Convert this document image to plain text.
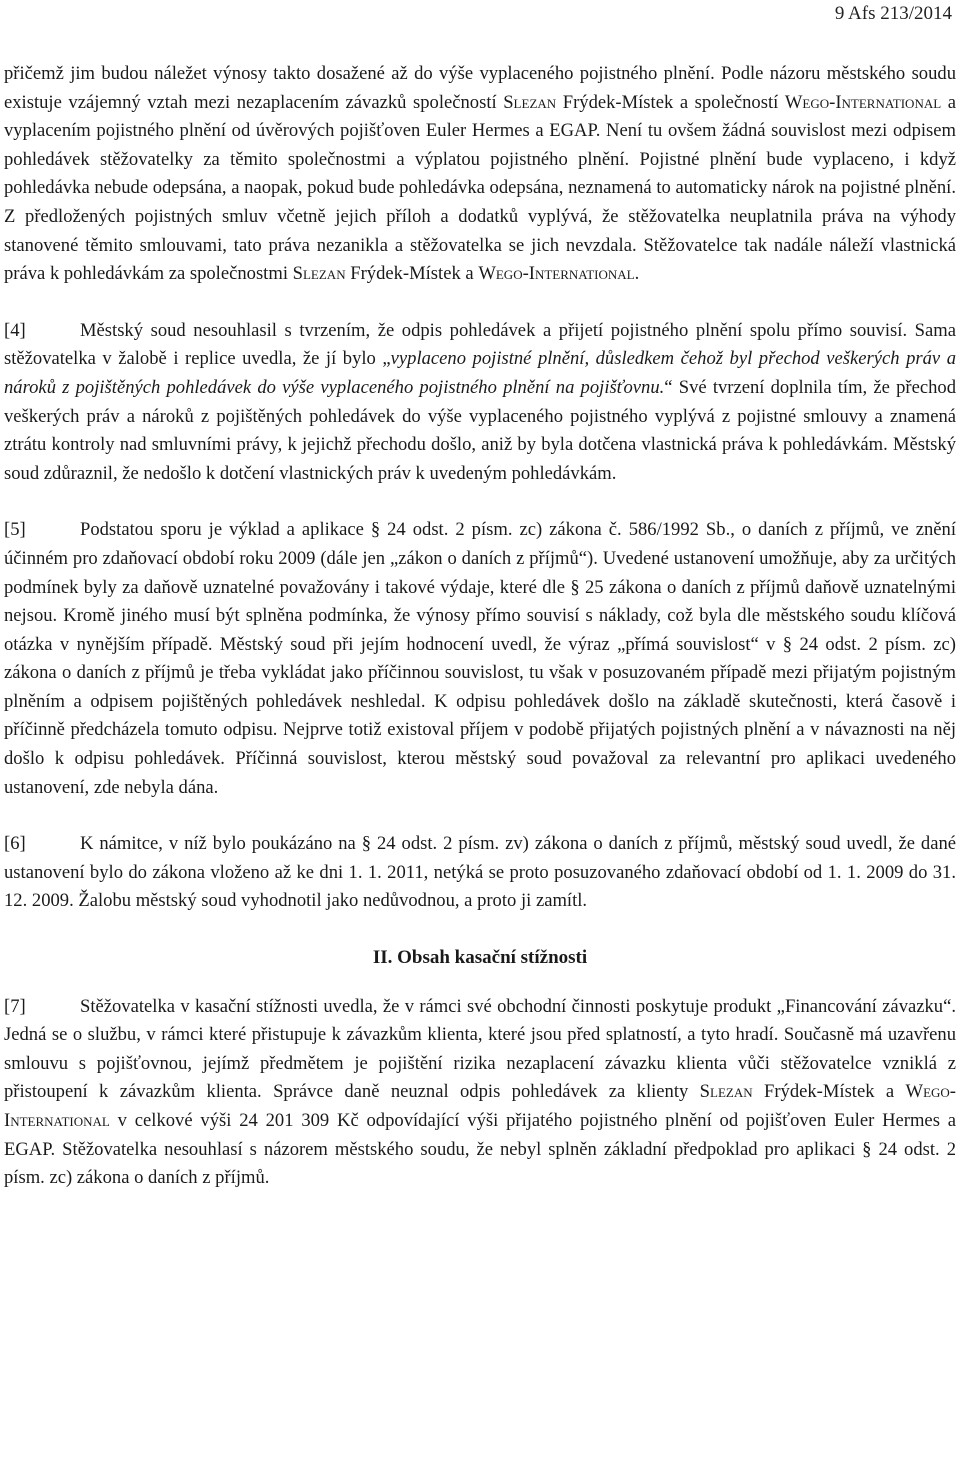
9 Afs 213/2014

přičemž jim budou náležet výnosy takto dosažené až do výše vyplaceného pojistného plnění. Podle názoru městského soudu existuje vzájemný vztah mezi nezaplacením závazků společností Slezan Frýdek-Místek a společností Wego-International a vyplacením pojistného plnění od úvěrových pojišťoven Euler Hermes a EGAP. Není tu ovšem žádná souvislost mezi odpisem pohledávek stěžovatelky za těmito společnostmi a výplatou pojistného plnění. Pojistné plnění bude vyplaceno, i když pohledávka nebude odepsána, a naopak, pokud bude pohledávka odepsána, neznamená to automaticky nárok na pojistné plnění. Z předložených pojistných smluv včetně jejich příloh a dodatků vyplývá, že stěžovatelka neuplatnila práva na výhody stanovené těmito smlouvami, tato práva nezanikla a stěžovatelka se jich nevzdala. Stěžovatelce tak nadále náleží vlastnická práva k pohledávkám za společnostmi Slezan Frýdek-Místek a Wego-International.

[4]	Městský soud nesouhlasil s tvrzením, že odpis pohledávek a přijetí pojistného plnění spolu přímo souvisí. Sama stěžovatelka v žalobě i replice uvedla, že jí bylo „vyplaceno pojistné plnění, důsledkem čehož byl přechod veškerých práv a nároků z pojištěných pohledávek do výše vyplaceného pojistného plnění na pojišťovnu.“ Své tvrzení doplnila tím, že přechod veškerých práv a nároků z pojištěných pohledávek do výše vyplaceného pojistného vyplývá z pojistné smlouvy a znamená ztrátu kontroly nad smluvními právy, k jejichž přechodu došlo, aniž by byla dotčena vlastnická práva k pohledávkám. Městský soud zdůraznil, že nedošlo k dotčení vlastnických práv k uvedeným pohledávkám.

[5]	Podstatou sporu je výklad a aplikace § 24 odst. 2 písm. zc) zákona č. 586/1992 Sb., o daních z příjmů, ve znění účinném pro zdaňovací období roku 2009 (dále jen „zákon o daních z příjmů“). Uvedené ustanovení umožňuje, aby za určitých podmínek byly za daňově uznatelné považovány i takové výdaje, které dle § 25 zákona o daních z příjmů daňově uznatelnými nejsou. Kromě jiného musí být splněna podmínka, že výnosy přímo souvisí s náklady, což byla dle městského soudu klíčová otázka v nynějším případě. Městský soud při jejím hodnocení uvedl, že výraz „přímá souvislost“ v § 24 odst. 2 písm. zc) zákona o daních z příjmů je třeba vykládat jako příčinnou souvislost, tu však v posuzovaném případě mezi přijatým pojistným plněním a odpisem pojištěných pohledávek neshledal. K odpisu pohledávek došlo na základě skutečnosti, která časově i příčinně předcházela tomuto odpisu. Nejprve totiž existoval příjem v podobě přijatých pojistných plnění a v návaznosti na něj došlo k odpisu pohledávek. Příčinná souvislost, kterou městský soud považoval za relevantní pro aplikaci uvedeného ustanovení, zde nebyla dána.

[6]	K námitce, v níž bylo poukázáno na § 24 odst. 2 písm. zv) zákona o daních z příjmů, městský soud uvedl, že dané ustanovení bylo do zákona vloženo až ke dni 1. 1. 2011, netýká se proto posuzovaného zdaňovací období od 1. 1. 2009 do 31. 12. 2009. Žalobu městský soud vyhodnotil jako nedůvodnou, a proto ji zamítl.

II. Obsah kasační stížnosti

[7]	Stěžovatelka v kasační stížnosti uvedla, že v rámci své obchodní činnosti poskytuje produkt „Financování závazku“. Jedná se o službu, v rámci které přistupuje k závazkům klienta, které jsou před splatností, a tyto hradí. Současně má uzavřenu smlouvu s pojišťovnou, jejímž předmětem je pojištění rizika nezaplacení závazku klienta vůči stěžovatelce vzniklá z přistoupení k závazkům klienta. Správce daně neuznal odpis pohledávek za klienty Slezan Frýdek-Místek a Wego-International v celkové výši 24 201 309 Kč odpovídající výši přijatého pojistného plnění od pojišťoven Euler Hermes a EGAP. Stěžovatelka nesouhlasí s názorem městského soudu, že nebyl splněn základní předpoklad pro aplikaci § 24 odst. 2 písm. zc) zákona o daních z příjmů.
